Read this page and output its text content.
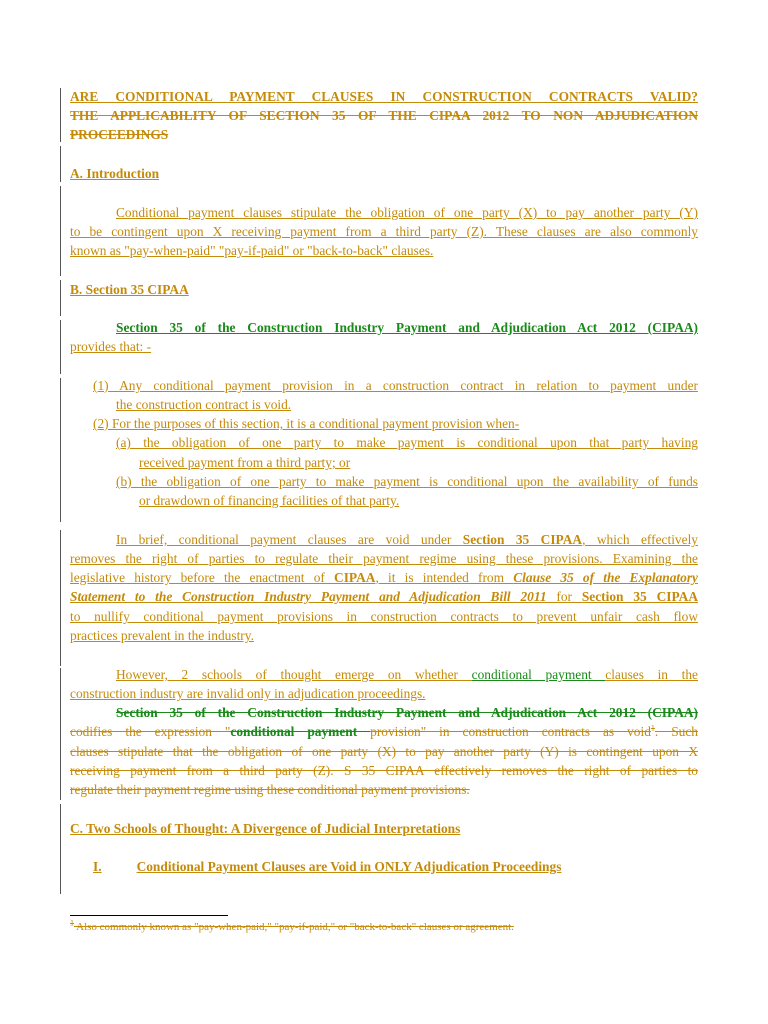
ARE CONDITIONAL PAYMENT CLAUSES IN CONSTRUCTION CONTRACTS VALID?
THE APPLICABILITY OF SECTION 35 OF THE CIPAA 2012 TO NON ADJUDICATION
PROCEEDINGS
A. Introduction
Conditional payment clauses stipulate the obligation of one party (X) to pay another party (Y)
to be contingent upon X receiving payment from a third party (Z). These clauses are also commonly
known as "pay-when-paid" "pay-if-paid" or "back-to-back" clauses.
B. Section 35 CIPAA
Section 35 of the Construction Industry Payment and Adjudication Act 2012 (CIPAA)
provides that: -
(1) Any conditional payment provision in a construction contract in relation to payment under
the construction contract is void.
(2) For the purposes of this section, it is a conditional payment provision when-
(a) the obligation of one party to make payment is conditional upon that party having
received payment from a third party; or
(b) the obligation of one party to make payment is conditional upon the availability of funds
or drawdown of financing facilities of that party.
In brief, conditional payment clauses are void under Section 35 CIPAA, which effectively
removes the right of parties to regulate their payment regime using these provisions. Examining the
legislative history before the enactment of CIPAA, it is intended from Clause 35 of the Explanatory
Statement to the Construction Industry Payment and Adjudication Bill 2011 for Section 35 CIPAA
to nullify conditional payment provisions in construction contracts to prevent unfair cash flow
practices prevalent in the industry.
However, 2 schools of thought emerge on whether conditional payment clauses in the
construction industry are invalid only in adjudication proceedings.
Section 35 of the Construction Industry Payment and Adjudication Act 2012 (CIPAA)
codifies the expression "conditional payment provision" in construction contracts as void$^1$. Such
clauses stipulate that the obligation of one party (X) to pay another party (Y) is contingent upon X
receiving payment from a third party (Z). S 35 CIPAA effectively removes the right of parties to
regulate their payment regime using these conditional payment provisions.
C. Two Schools of Thought: A Divergence of Judicial Interpretations
I.	Conditional Payment Clauses are Void in ONLY Adjudication Proceedings
$^1$ Also commonly known as "pay-when-paid," "pay-if-paid," or "back-to-back" clauses or agreement.
